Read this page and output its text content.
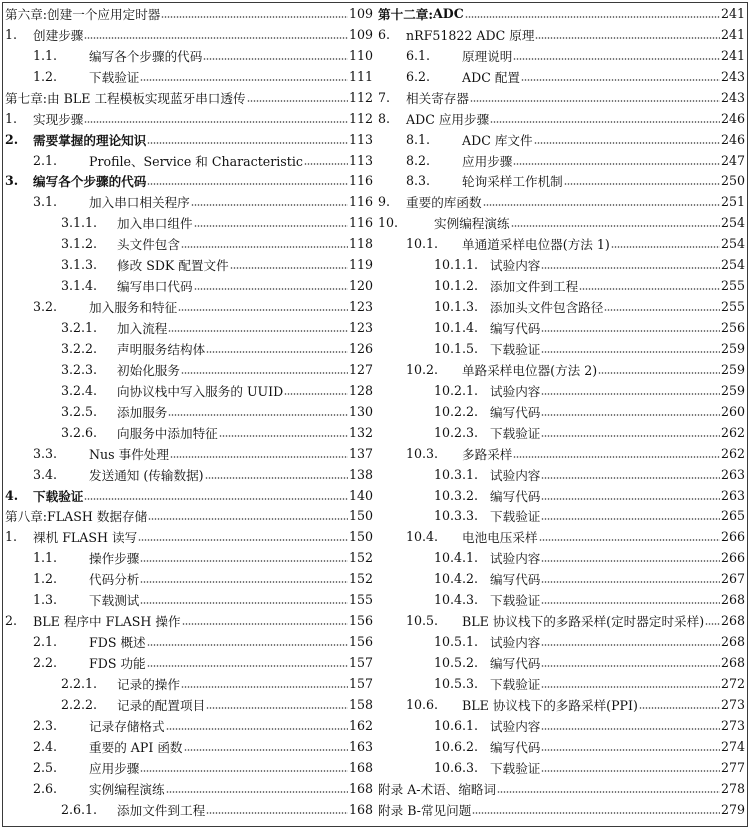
第六章: 创建一个应用定时器	109
1.	创建步骤	109
1.1.	编写各个步骤的代码	110
1.2.	下载验证	111
第七章: 由 BLE 工程模板实现蓝牙串口透传	112
1.	实现步骤	112
2.	需要掌握的理论知识	113
2.1.	Profile、Service 和 Characteristic	113
3.	编写各个步骤的代码	116
3.1.	加入串口相关程序	116
3.1.1.	加入串口组件	116
3.1.2.	头文件包含	118
3.1.3.	修改 SDK 配置文件	119
3.1.4.	编写串口代码	120
3.2.	加入服务和特征	123
3.2.1.	加入流程	123
3.2.2.	声明服务结构体	126
3.2.3.	初始化服务	127
3.2.4.	向协议栈中写入服务的 UUID	128
3.2.5.	添加服务	130
3.2.6.	向服务中添加特征	132
3.3.	Nus 事件处理	137
3.4.	发送通知 (传输数据)	138
4.	下载验证	140
第八章: FLASH 数据存储	150
1.	裸机 FLASH 读写	150
1.1.	操作步骤	152
1.2.	代码分析	152
1.3.	下载测试	155
2.	BLE 程序中 FLASH 操作	156
2.1.	FDS 概述	156
2.2.	FDS 功能	157
2.2.1.	记录的操作	157
2.2.2.	记录的配置项目	158
2.3.	记录存储格式	162
2.4.	重要的 API 函数	163
2.5.	应用步骤	168
2.6.	实例编程演练	168
2.6.1.	添加文件到工程	168
第十二章: ADC	241
6.	nRF51822 ADC 原理	241
6.1.	原理说明	241
6.2.	ADC 配置	243
7.	相关寄存器	243
8.	ADC 应用步骤	246
8.1.	ADC 库文件	246
8.2.	应用步骤	247
8.3.	轮询采样工作机制	250
9.	重要的库函数	251
10.	实例编程演练	254
10.1.	单通道采样电位器(方法 1)	254
10.1.1. 试验内容	254
10.1.2. 添加文件到工程	255
10.1.3. 添加头文件包含路径	255
10.1.4. 编写代码	256
10.1.5. 下载验证	259
10.2.	单路采样电位器(方法 2)	259
10.2.1. 试验内容	259
10.2.2. 编写代码	260
10.2.3. 下载验证	262
10.3.	多路采样	262
10.3.1. 试验内容	263
10.3.2. 编写代码	263
10.3.3. 下载验证	265
10.4.	电池电压采样	266
10.4.1. 试验内容	266
10.4.2. 编写代码	267
10.4.3. 下载验证	268
10.5.	BLE 协议栈下的多路采样(定时器定时采样) 268
10.5.1. 试验内容	268
10.5.2. 编写代码	268
10.5.3. 下载验证	272
10.6.	BLE 协议栈下的多路采样(PPI)	273
10.6.1. 试验内容	273
10.6.2. 编写代码	274
10.6.3. 下载验证	277
附录 A- 术语、缩略词	278
附录 B- 常见问题	279
